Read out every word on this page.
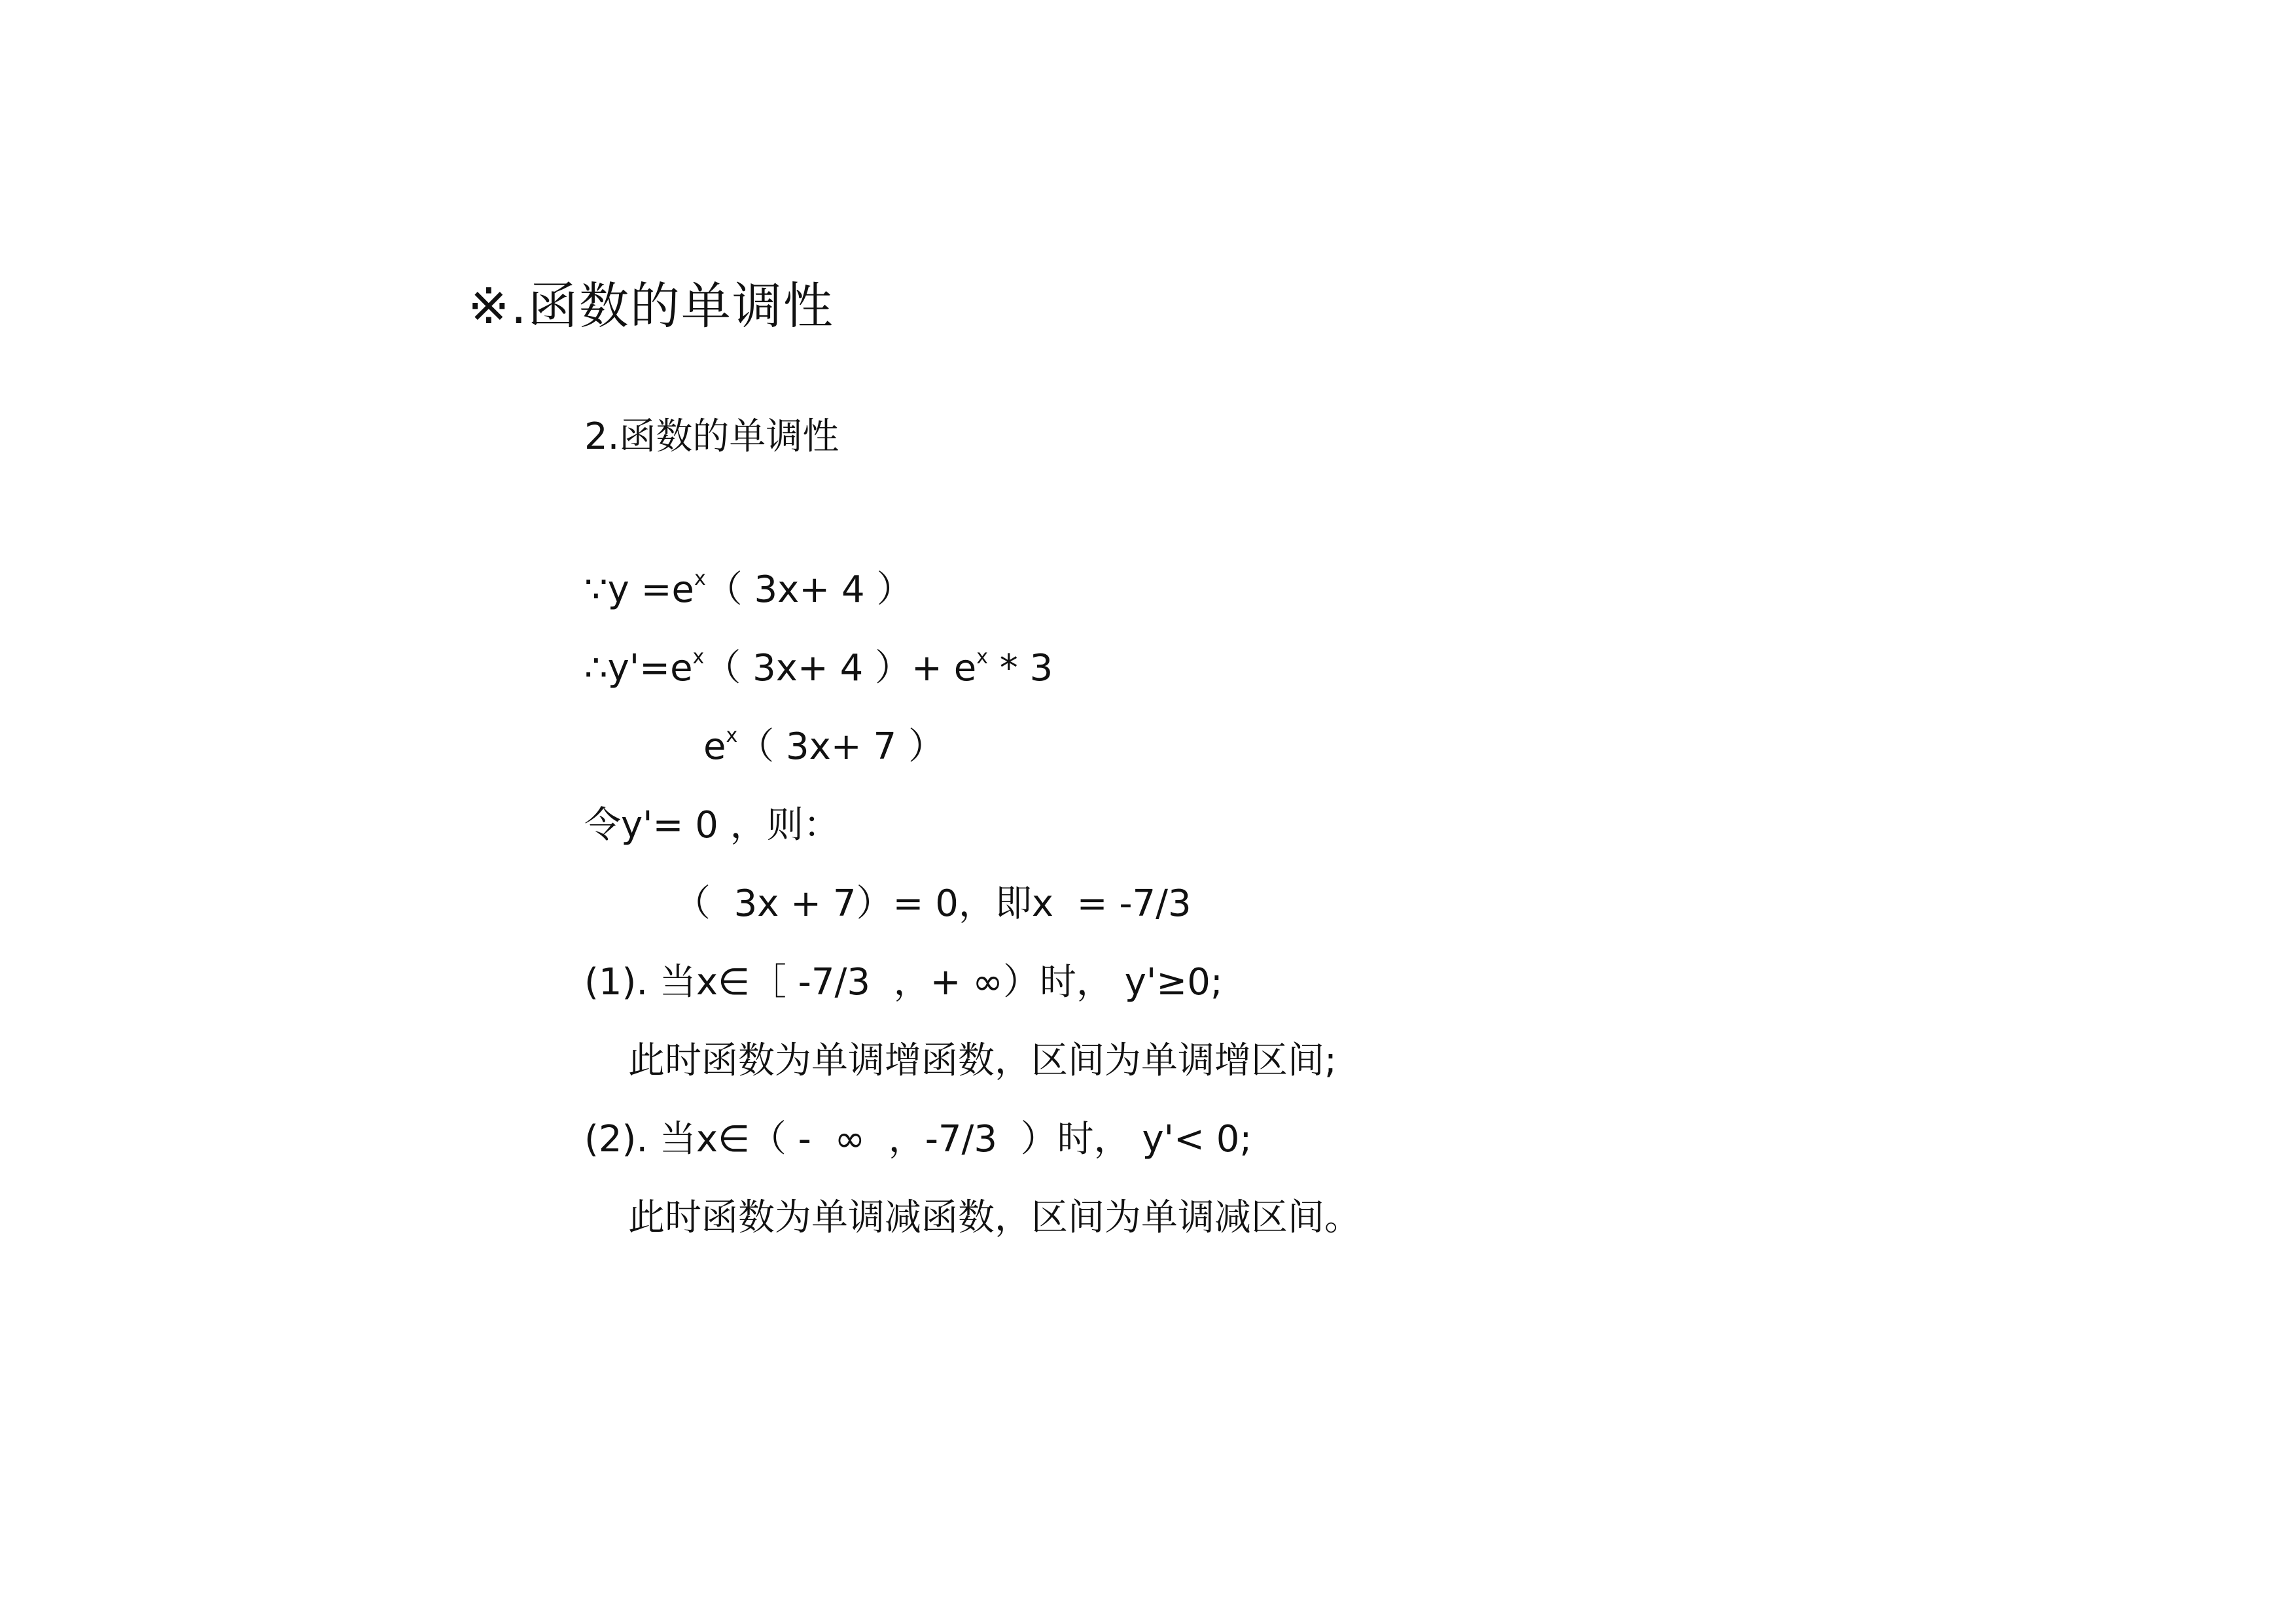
※.函数的单调性
2.函数的单调性
∵y $=e^x$（ 3x+ 4 ）
$\therefore y'=e^x$（ 3x+ 4 ）+ $e^x * 3$
$e^x$（ 3x+ 7 ）
令y'= 0 ，则：
（  3x + 7）= 0，即x  = -7/3
(1). 当x∈［ -7/3  ，+ ∞）时， y'≥0;
此时函数为单调增函数，区间为单调增区间;
(2). 当x∈（ -  ∞  ，-7/3  ）时， y'< 0;
此时函数为单调减函数，区间为单调减区间。
